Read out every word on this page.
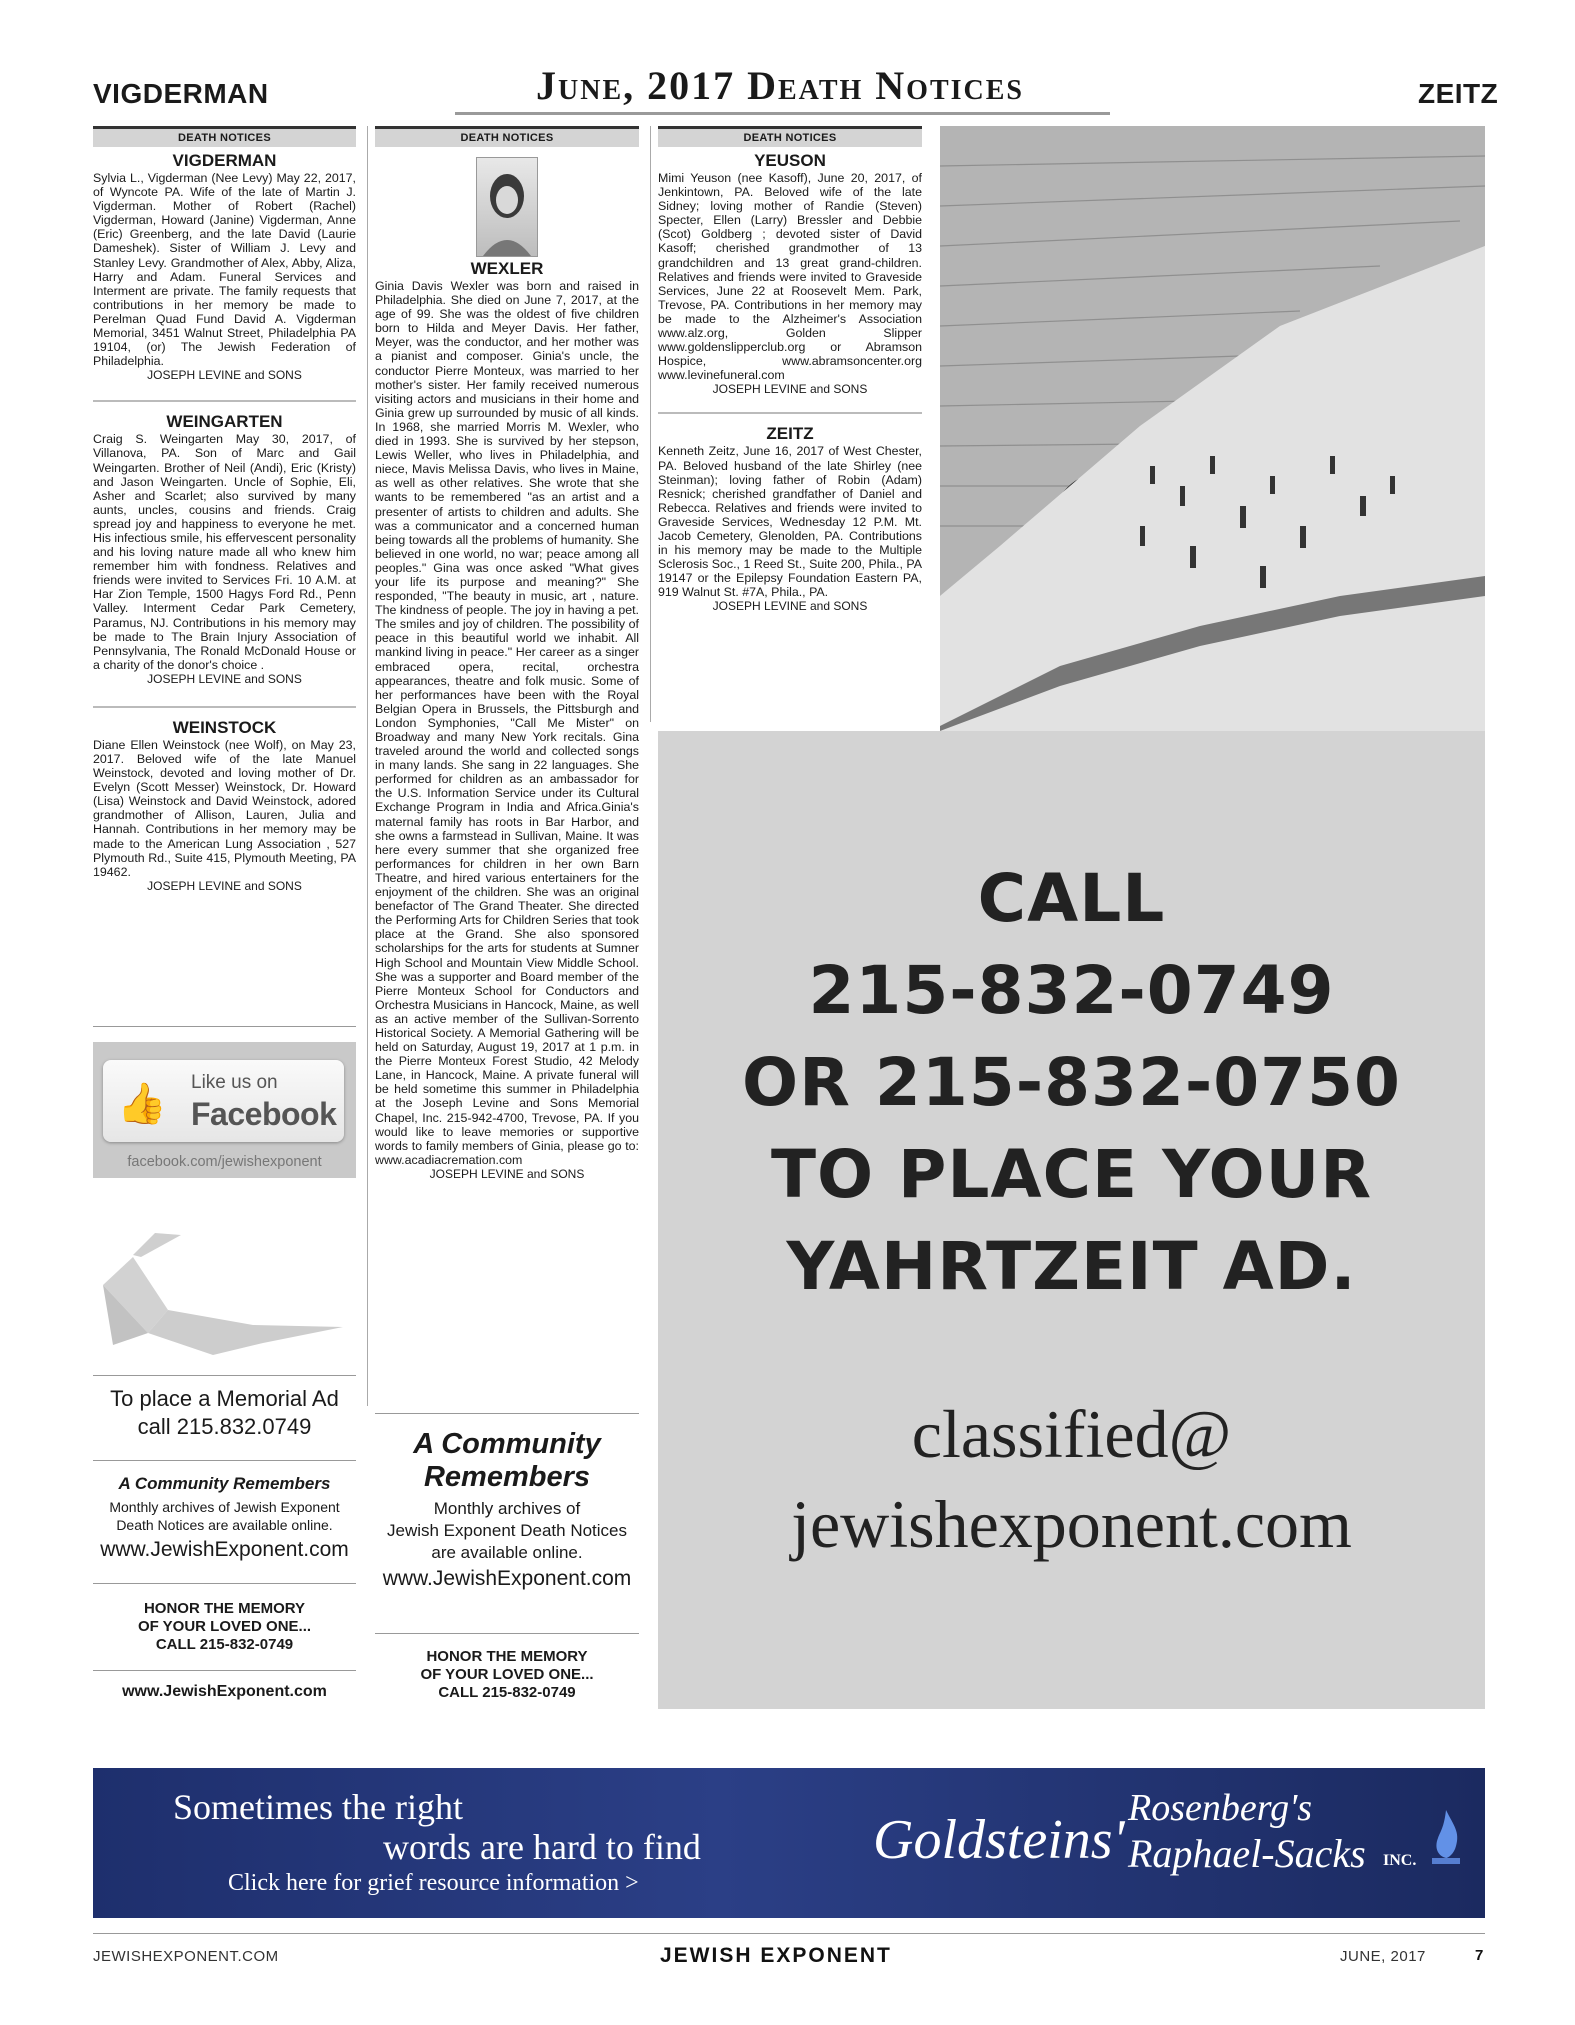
VIGDERMAN	June, 2017 Death Notices	ZEITZ
DEATH NOTICES
VIGDERMAN
Sylvia L., Vigderman (Nee Levy) May 22, 2017, of Wyncote PA. Wife of the late of Martin J. Vigderman. Mother of Robert (Rachel) Vigderman, Howard (Janine) Vigderman, Anne (Eric) Greenberg, and the late David (Laurie Dameshek). Sister of William J. Levy and Stanley Levy. Grandmother of Alex, Abby, Aliza, Harry and Adam. Funeral Services and Interment are private. The family requests that contributions in her memory be made to Perelman Quad Fund David A. Vigderman Memorial, 3451 Walnut Street, Philadelphia PA 19104, (or) The Jewish Federation of Philadelphia.
JOSEPH LEVINE and SONS
WEINGARTEN
Craig S. Weingarten May 30, 2017, of Villanova, PA. Son of Marc and Gail Weingarten. Brother of Neil (Andi), Eric (Kristy) and Jason Weingarten. Uncle of Sophie, Eli, Asher and Scarlet; also survived by many aunts, uncles, cousins and friends. Craig spread joy and happiness to everyone he met. His infectious smile, his effervescent personality and his loving nature made all who knew him remember him with fondness. Relatives and friends were invited to Services Fri. 10 A.M. at Har Zion Temple, 1500 Hagys Ford Rd., Penn Valley. Interment Cedar Park Cemetery, Paramus, NJ. Contributions in his memory may be made to The Brain Injury Association of Pennsylvania, The Ronald McDonald House or a charity of the donor's choice .
JOSEPH LEVINE and SONS
WEINSTOCK
Diane Ellen Weinstock (nee Wolf), on May 23, 2017. Beloved wife of the late Manuel Weinstock, devoted and loving mother of Dr. Evelyn (Scott Messer) Weinstock, Dr. Howard (Lisa) Weinstock and David Weinstock, adored grandmother of Allison, Lauren, Julia and Hannah. Contributions in her memory may be made to the American Lung Association , 527 Plymouth Rd., Suite 415, Plymouth Meeting, PA 19462.
JOSEPH LEVINE and SONS
👍 Like us on
Facebook
facebook.com/jewishexponent
To place a Memorial Ad
call 215.832.0749
A Community Remembers
Monthly archives of Jewish Exponent
Death Notices are available online.
www.JewishExponent.com
HONOR THE MEMORY
OF YOUR LOVED ONE...
CALL 215-832-0749
www.JewishExponent.com
DEATH NOTICES
WEXLER
Ginia Davis Wexler was born and raised in Philadelphia. She died on June 7, 2017, at the age of 99. She was the oldest of five children born to Hilda and Meyer Davis. Her father, Meyer, was the conductor, and her mother was a pianist and composer. Ginia's uncle, the conductor Pierre Monteux, was married to her mother's sister. Her family received numerous visiting actors and musicians in their home and Ginia grew up surrounded by music of all kinds. In 1968, she married Morris M. Wexler, who died in 1993. She is survived by her stepson, Lewis Weller, who lives in Philadelphia, and niece, Mavis Melissa Davis, who lives in Maine, as well as other relatives. She wrote that she wants to be remembered "as an artist and a presenter of artists to children and adults. She was a communicator and a concerned human being towards all the problems of humanity. She believed in one world, no war; peace among all peoples." Gina was once asked "What gives your life its purpose and meaning?" She responded, "The beauty in music, art , nature. The kindness of people. The joy in having a pet. The smiles and joy of children. The possibility of peace in this beautiful world we inhabit. All mankind living in peace." Her career as a singer embraced opera, recital, orchestra appearances, theatre and folk music. Some of her performances have been with the Royal Belgian Opera in Brussels, the Pittsburgh and London Symphonies, "Call Me Mister" on Broadway and many New York recitals. Gina traveled around the world and collected songs in many lands. She sang in 22 languages. She performed for children as an ambassador for the U.S. Information Service under its Cultural Exchange Program in India and Africa.Ginia's maternal family has roots in Bar Harbor, and she owns a farmstead in Sullivan, Maine. It was here every summer that she organized free performances for children in her own Barn Theatre, and hired various entertainers for the enjoyment of the children. She was an original benefactor of The Grand Theater. She directed the Performing Arts for Children Series that took place at the Grand. She also sponsored scholarships for the arts for students at Sumner High School and Mountain View Middle School. She was a supporter and Board member of the Pierre Monteux School for Conductors and Orchestra Musicians in Hancock, Maine, as well as an active member of the Sullivan-Sorrento Historical Society. A Memorial Gathering will be held on Saturday, August 19, 2017 at 1 p.m. in the Pierre Monteux Forest Studio, 42 Melody Lane, in Hancock, Maine. A private funeral will be held sometime this summer in Philadelphia at the Joseph Levine and Sons Memorial Chapel, Inc. 215-942-4700, Trevose, PA. If you would like to leave memories or supportive words to family members of Ginia, please go to: www.acadiacremation.com
JOSEPH LEVINE and SONS
A Community
Remembers
Monthly archives of
Jewish Exponent Death Notices
are available online.
www.JewishExponent.com
HONOR THE MEMORY
OF YOUR LOVED ONE...
CALL 215-832-0749
DEATH NOTICES
YEUSON
Mimi Yeuson (nee Kasoff), June 20, 2017, of Jenkintown, PA. Beloved wife of the late Sidney; loving mother of Randie (Steven) Specter, Ellen (Larry) Bressler and Debbie (Scot) Goldberg ; devoted sister of David Kasoff; cherished grandmother of 13 grandchildren and 13 great grand-children. Relatives and friends were invited to Graveside Services, June 22 at Roosevelt Mem. Park, Trevose, PA. Contributions in her memory may be made to the Alzheimer's Association www.alz.org, Golden Slipper www.goldenslipperclub.org or Abramson Hospice, www.abramsoncenter.org www.levinefuneral.com
JOSEPH LEVINE and SONS
ZEITZ
Kenneth Zeitz, June 16, 2017 of West Chester, PA. Beloved husband of the late Shirley (nee Steinman); loving father of Robin (Adam) Resnick; cherished grandfather of Daniel and Rebecca. Relatives and friends were invited to Graveside Services, Wednesday 12 P.M. Mt. Jacob Cemetery, Glenolden, PA. Contributions in his memory may be made to the Multiple Sclerosis Soc., 1 Reed St., Suite 200, Phila., PA 19147 or the Epilepsy Foundation Eastern PA, 919 Walnut St. #7A, Phila., PA.
JOSEPH LEVINE and SONS
CALL
215-832-0749
OR 215-832-0750
TO PLACE YOUR
YAHRTZEIT AD.
classified@
jewishexponent.com
Sometimes the right
words are hard to find
Click here for grief resource information >
Goldsteins'
Rosenberg's
Raphael-Sacks INC.
JEWISHEXPONENT.COM	JEWISH EXPONENT	JUNE, 2017	7
